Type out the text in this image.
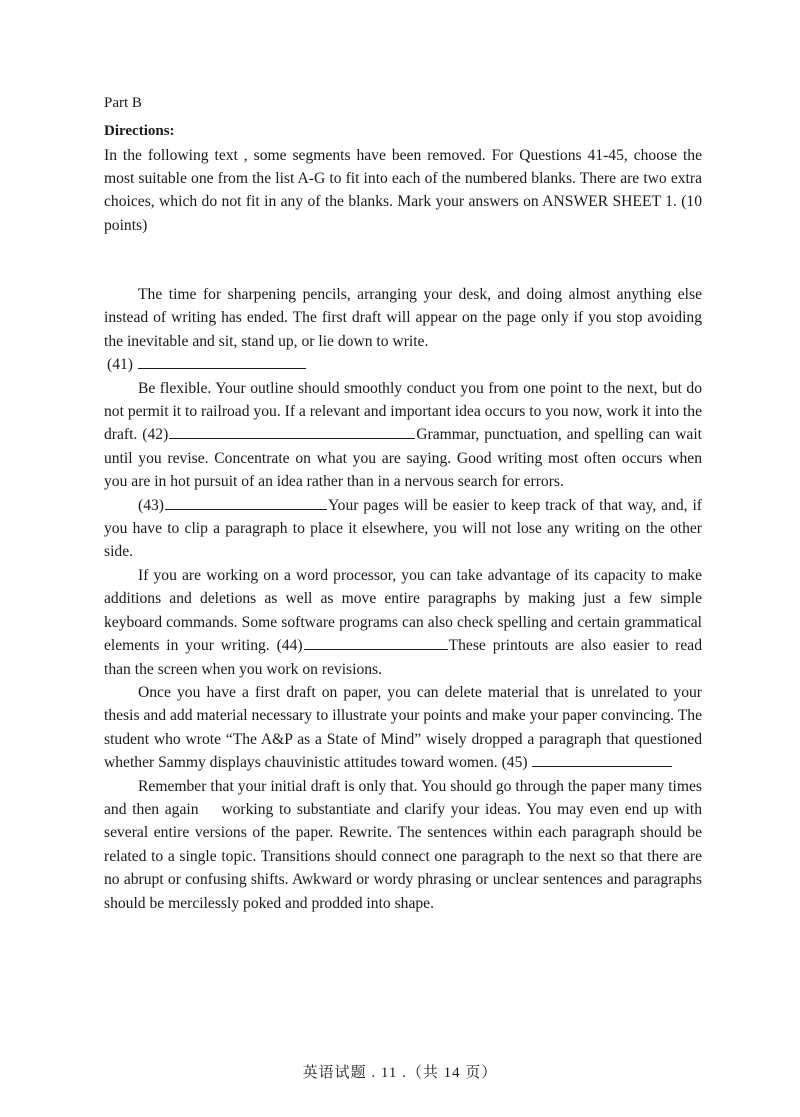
Part B
Directions:
In the following text , some segments have been removed. For Questions 41-45, choose the most suitable one from the list A-G to fit into each of the numbered blanks. There are two extra choices, which do not fit in any of the blanks. Mark your answers on ANSWER SHEET 1. (10 points)

The time for sharpening pencils, arranging your desk, and doing almost anything else instead of writing has ended. The first draft will appear on the page only if you stop avoiding the inevitable and sit, stand up, or lie down to write.

(41)

Be flexible. Your outline should smoothly conduct you from one point to the next, but do not permit it to railroad you. If a relevant and important idea occurs to you now, work it into the draft. (42)	Grammar, punctuation, and spelling can wait until you revise. Concentrate on what you are saying. Good writing most often occurs when you are in hot pursuit of an idea rather than in a nervous search for errors.

(43)	Your pages will be easier to keep track of that way, and, if you have to clip a paragraph to place it elsewhere, you will not lose any writing on the other side.

If you are working on a word processor, you can take advantage of its capacity to make additions and deletions as well as move entire paragraphs by making just a few simple keyboard commands. Some software programs can also check spelling and certain grammatical elements in your writing. (44)	These printouts are also easier to read than the screen when you work on revisions.

Once you have a first draft on paper, you can delete material that is unrelated to your thesis and add material necessary to illustrate your points and make your paper convincing. The student who wrote “The A&P as a State of Mind” wisely dropped a paragraph that questioned whether Sammy displays chauvinistic attitudes toward women. (45)

Remember that your initial draft is only that. You should go through the paper many times    and then again    working to substantiate and clarify your ideas. You may even end up with several entire versions of the paper. Rewrite. The sentences within each paragraph should be related to a single topic. Transitions should connect one paragraph to the next so that there are no abrupt or confusing shifts. Awkward or wordy phrasing or unclear sentences and paragraphs should be mercilessly poked and prodded into shape.

英语试题 . 11 .（共 14 页）
